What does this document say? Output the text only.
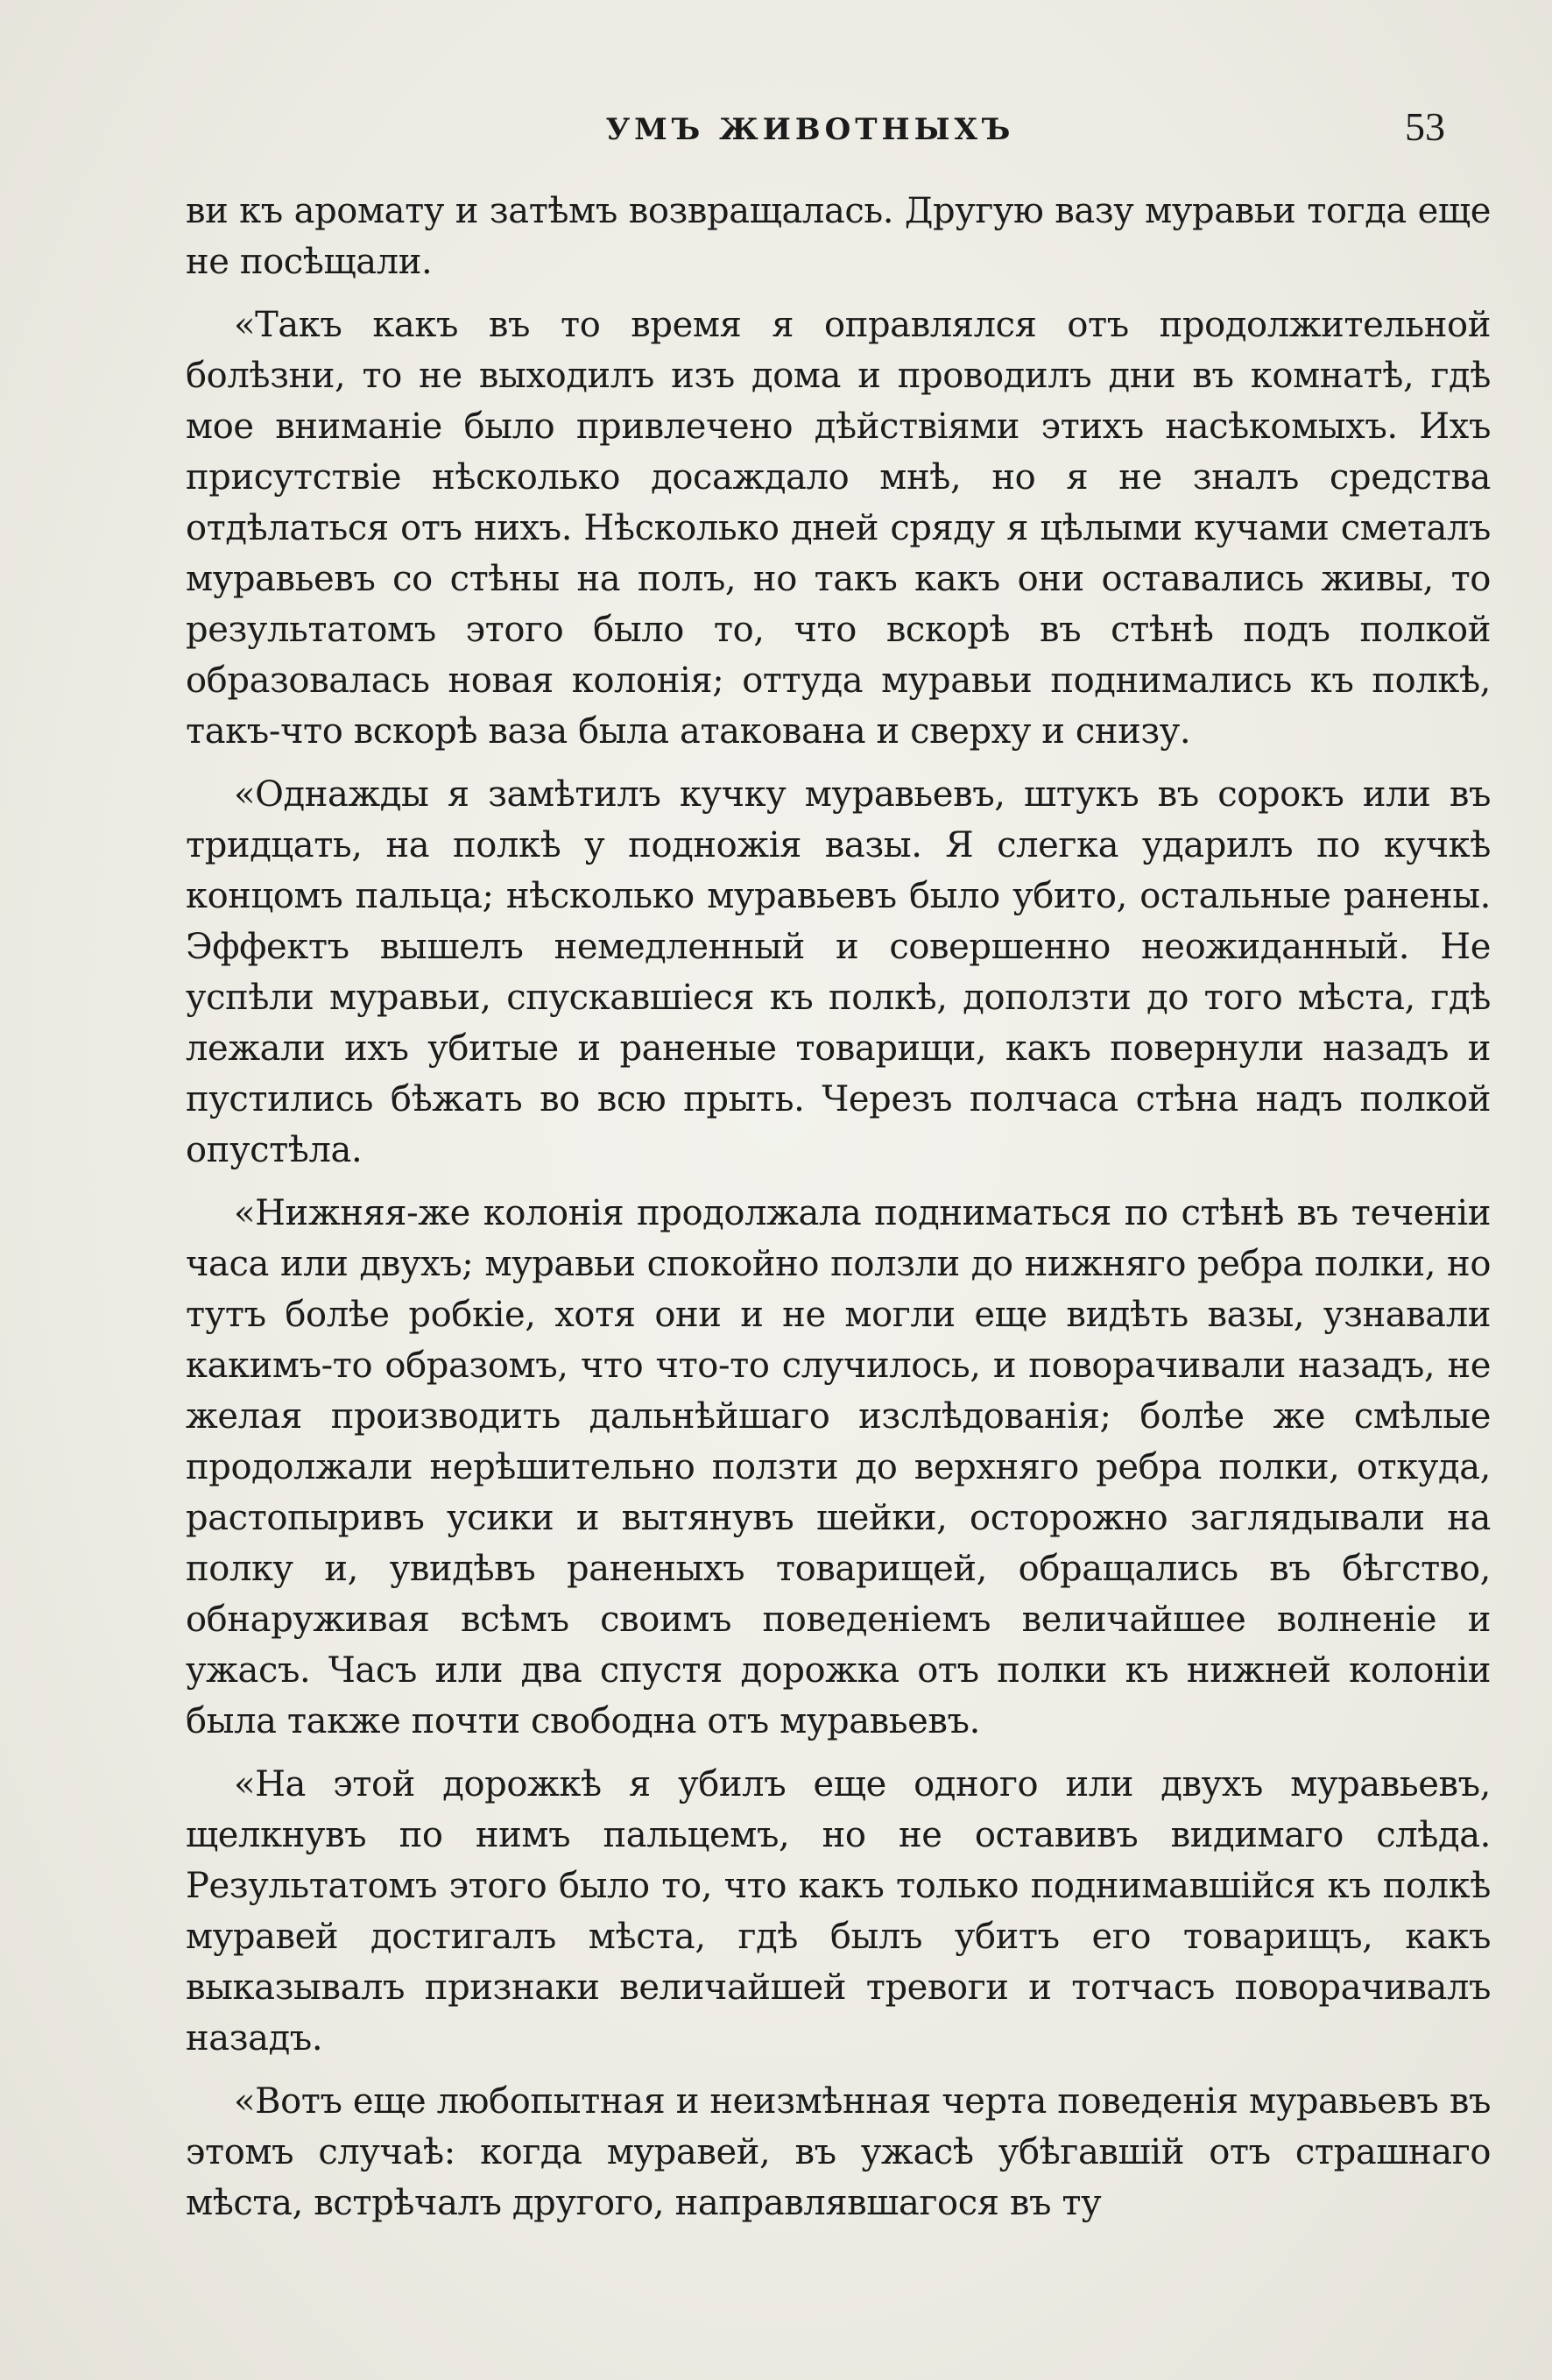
УМЪ ЖИВОТНЫХЪ	53

ви къ аромату и затѣмъ возвращалась. Другую вазу муравьи тогда еще не посѣщали.

«Такъ какъ въ то время я оправлялся отъ продолжительной болѣзни, то не выходилъ изъ дома и проводилъ дни въ комнатѣ, гдѣ мое вниманіе было привлечено дѣйствіями этихъ насѣкомыхъ. Ихъ присутствіе нѣсколько досаждало мнѣ, но я не зналъ средства отдѣлаться отъ нихъ. Нѣсколько дней сряду я цѣлыми кучами сметалъ муравьевъ со стѣны на полъ, но такъ какъ они оставались живы, то результатомъ этого было то, что вскорѣ въ стѣнѣ подъ полкой образовалась новая колонія; оттуда муравьи поднимались къ полкѣ, такъ-что вскорѣ ваза была атакована и сверху и снизу.

«Однажды я замѣтилъ кучку муравьевъ, штукъ въ сорокъ или въ тридцать, на полкѣ у подножія вазы. Я слегка ударилъ по кучкѣ концомъ пальца; нѣсколько муравьевъ было убито, остальные ранены. Эффектъ вышелъ немедленный и совершенно неожиданный. Не успѣли муравьи, спускавшіеся къ полкѣ, доползти до того мѣста, гдѣ лежали ихъ убитые и раненые товарищи, какъ повернули назадъ и пустились бѣжать во всю прыть. Черезъ полчаса стѣна надъ полкой опустѣла.

«Нижняя-же колонія продолжала подниматься по стѣнѣ въ теченіи часа или двухъ; муравьи спокойно ползли до нижняго ребра полки, но тутъ болѣе робкіе, хотя они и не могли еще видѣть вазы, узнавали какимъ-то образомъ, что что-то случилось, и поворачивали назадъ, не желая производить дальнѣйшаго изслѣдованія; болѣе же смѣлые продолжали нерѣшительно ползти до верхняго ребра полки, откуда, растопыривъ усики и вытянувъ шейки, осторожно заглядывали на полку и, увидѣвъ раненыхъ товарищей, обращались въ бѣгство, обнаруживая всѣмъ своимъ поведеніемъ величайшее волненіе и ужасъ. Часъ или два спустя дорожка отъ полки къ нижней колоніи была также почти свободна отъ муравьевъ.

«На этой дорожкѣ я убилъ еще одного или двухъ муравьевъ, щелкнувъ по нимъ пальцемъ, но не оставивъ видимаго слѣда. Результатомъ этого было то, что какъ только поднимавшійся къ полкѣ муравей достигалъ мѣста, гдѣ былъ убитъ его товарищъ, какъ выказывалъ признаки величайшей тревоги и тотчасъ поворачивалъ назадъ.

«Вотъ еще любопытная и неизмѣнная черта поведенія муравьевъ въ этомъ случаѣ: когда муравей, въ ужасѣ убѣгавшій отъ страшнаго мѣста, встрѣчалъ другого, направлявшагося въ ту
